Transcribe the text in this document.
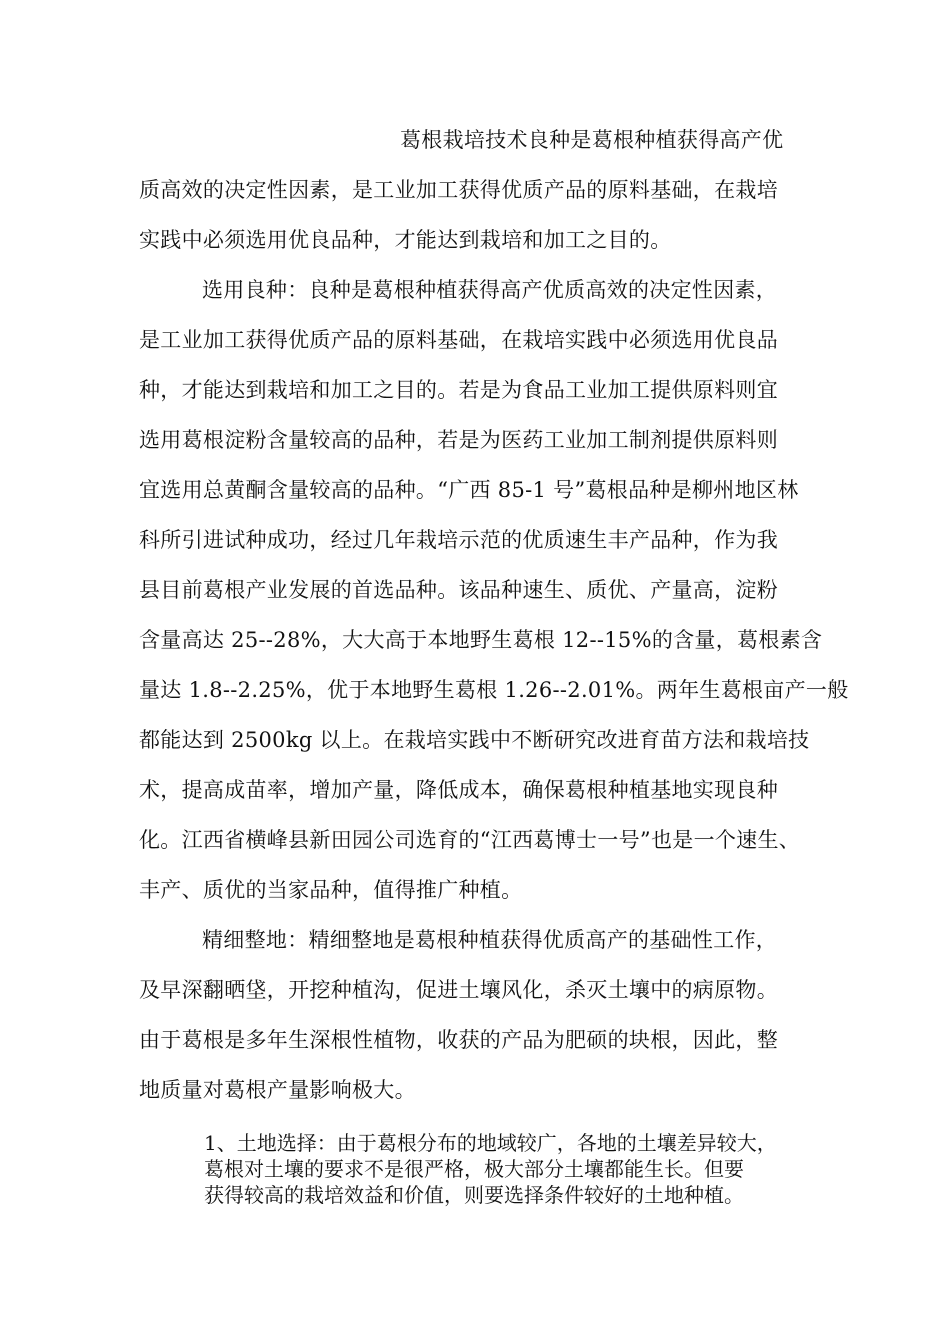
葛根栽培技术良种是葛根种植获得高产优
质高效的决定性因素，是工业加工获得优质产品的原料基础，在栽培
实践中必须选用优良品种，才能达到栽培和加工之目的。
选用良种：良种是葛根种植获得高产优质高效的决定性因素，
是工业加工获得优质产品的原料基础，在栽培实践中必须选用优良品
种，才能达到栽培和加工之目的。若是为食品工业加工提供原料则宜
选用葛根淀粉含量较高的品种，若是为医药工业加工制剂提供原料则
宜选用总黄酮含量较高的品种。“广西 85-1 号”葛根品种是柳州地区林
科所引进试种成功，经过几年栽培示范的优质速生丰产品种，作为我
县目前葛根产业发展的首选品种。该品种速生、质优、产量高，淀粉
含量高达 25--28%，大大高于本地野生葛根 12--15%的含量，葛根素含
量达 1.8--2.25%，优于本地野生葛根 1.26--2.01%。两年生葛根亩产一般
都能达到 2500kg 以上。在栽培实践中不断研究改进育苗方法和栽培技
术，提高成苗率，增加产量，降低成本，确保葛根种植基地实现良种
化。江西省横峰县新田园公司选育的“江西葛博士一号”也是一个速生、
丰产、质优的当家品种，值得推广种植。
精细整地：精细整地是葛根种植获得优质高产的基础性工作，
及早深翻晒垡，开挖种植沟，促进土壤风化，杀灭土壤中的病原物。
由于葛根是多年生深根性植物，收获的产品为肥硕的块根，因此，整
地质量对葛根产量影响极大。
1、土地选择：由于葛根分布的地域较广，各地的土壤差异较大，
葛根对土壤的要求不是很严格，极大部分土壤都能生长。但要
获得较高的栽培效益和价值，则要选择条件较好的土地种植。
